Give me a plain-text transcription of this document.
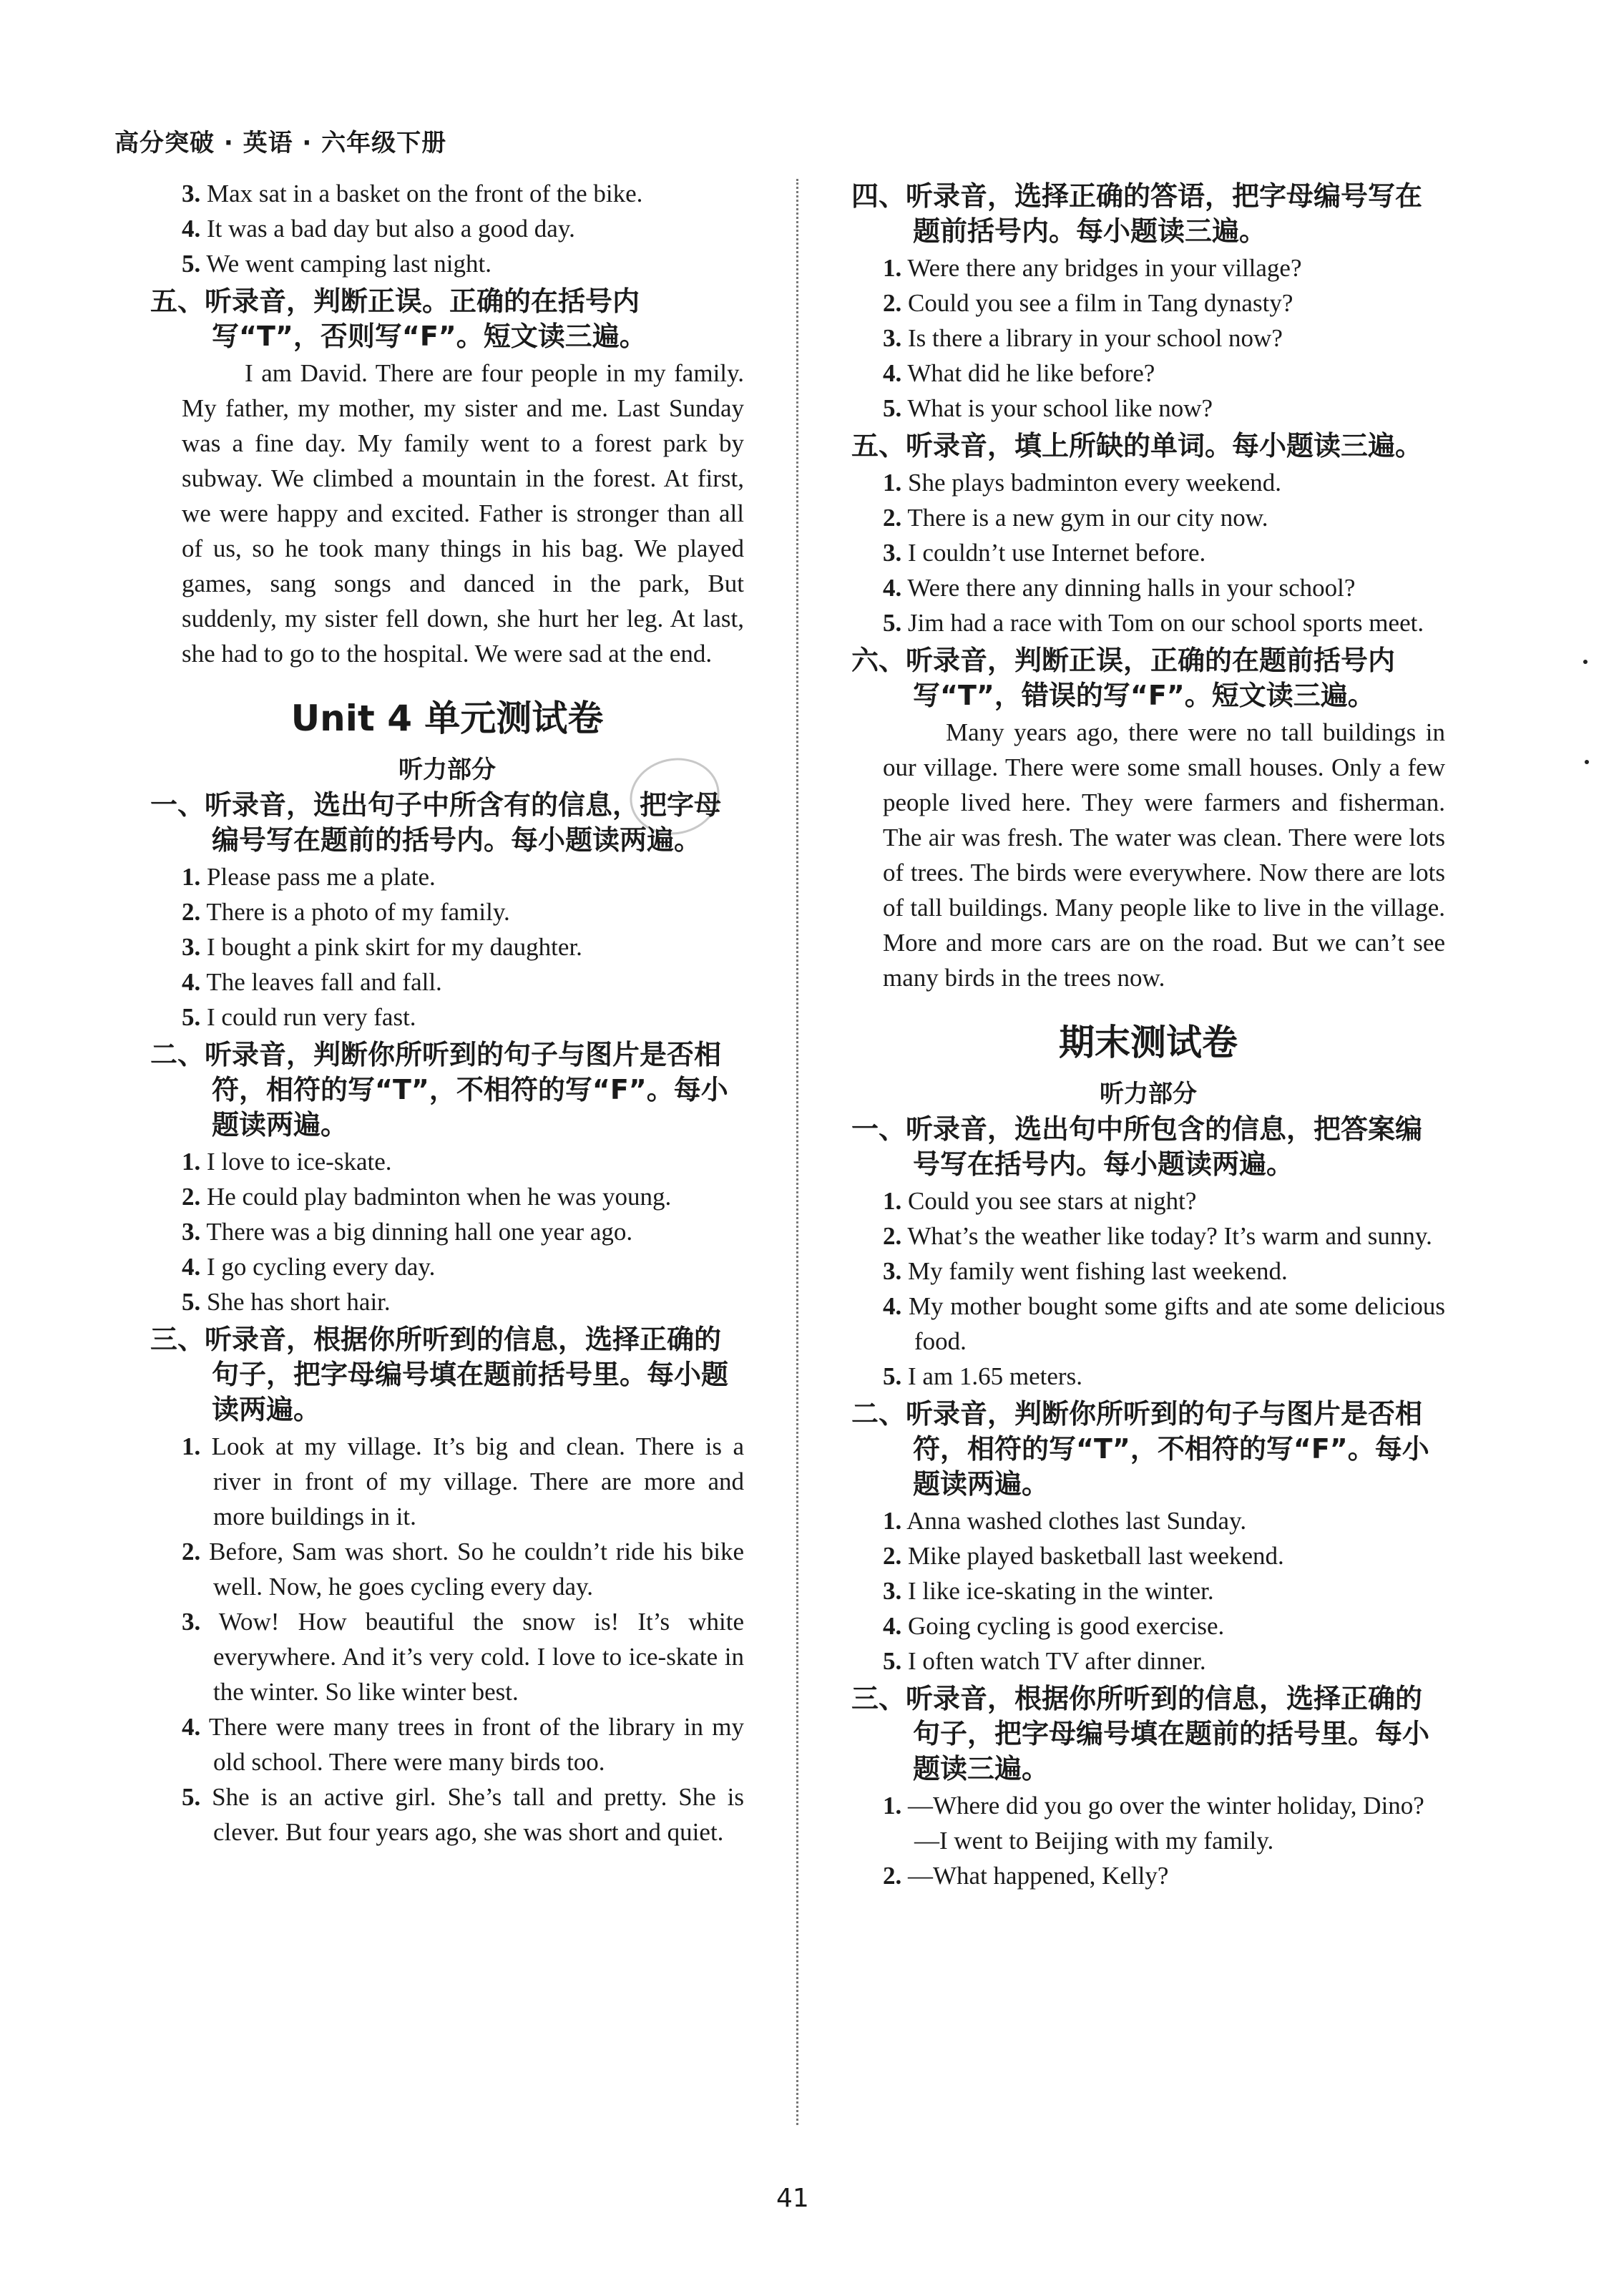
高分突破 · 英语 · 六年级下册
3. Max sat in a basket on the front of the bike.
4. It was a bad day but also a good day.
5. We went camping last night.
五、听录音，判断正误。正确的在括号内写“T”，否则写“F”。短文读三遍。
I am David. There are four people in my family. My father, my mother, my sister and me. Last Sunday was a fine day. My family went to a forest park by subway. We climbed a mountain in the forest. At first, we were happy and excited. Father is stronger than all of us, so he took many things in his bag. We played games, sang songs and danced in the park, But suddenly, my sister fell down, she hurt her leg. At last, she had to go to the hospital. We were sad at the end.
Unit 4 单元测试卷
听力部分
一、听录音，选出句子中所含有的信息，把字母编号写在题前的括号内。每小题读两遍。
1. Please pass me a plate.
2. There is a photo of my family.
3. I bought a pink skirt for my daughter.
4. The leaves fall and fall.
5. I could run very fast.
二、听录音，判断你所听到的句子与图片是否相符，相符的写“T”，不相符的写“F”。每小题读两遍。
1. I love to ice-skate.
2. He could play badminton when he was young.
3. There was a big dinning hall one year ago.
4. I go cycling every day.
5. She has short hair.
三、听录音，根据你所听到的信息，选择正确的句子，把字母编号填在题前括号里。每小题读两遍。
1. Look at my village. It’s big and clean. There is a river in front of my village. There are more and more buildings in it.
2. Before, Sam was short. So he couldn’t ride his bike well. Now, he goes cycling every day.
3. Wow! How beautiful the snow is! It’s white everywhere. And it’s very cold. I love to ice-skate in the winter. So like winter best.
4. There were many trees in front of the library in my old school. There were many birds too.
5. She is an active girl. She’s tall and pretty. She is clever. But four years ago, she was short and quiet.
四、听录音，选择正确的答语，把字母编号写在题前括号内。每小题读三遍。
1. Were there any bridges in your village?
2. Could you see a film in Tang dynasty?
3. Is there a library in your school now?
4. What did he like before?
5. What is your school like now?
五、听录音，填上所缺的单词。每小题读三遍。
1. She plays badminton every weekend.
2. There is a new gym in our city now.
3. I couldn’t use Internet before.
4. Were there any dinning halls in your school?
5. Jim had a race with Tom on our school sports meet.
六、听录音，判断正误，正确的在题前括号内写“T”，错误的写“F”。短文读三遍。
Many years ago, there were no tall buildings in our village. There were some small houses. Only a few people lived here. They were farmers and fisherman. The air was fresh. The water was clean. There were lots of trees. The birds were everywhere. Now there are lots of tall buildings. Many people like to live in the village. More and more cars are on the road. But we can’t see many birds in the trees now.
期末测试卷
听力部分
一、听录音，选出句中所包含的信息，把答案编号写在括号内。每小题读两遍。
1. Could you see stars at night?
2. What’s the weather like today? It’s warm and sunny.
3. My family went fishing last weekend.
4. My mother bought some gifts and ate some delicious food.
5. I am 1.65 meters.
二、听录音，判断你所听到的句子与图片是否相符，相符的写“T”，不相符的写“F”。每小题读两遍。
1. Anna washed clothes last Sunday.
2. Mike played basketball last weekend.
3. I like ice-skating in the winter.
4. Going cycling is good exercise.
5. I often watch TV after dinner.
三、听录音，根据你所听到的信息，选择正确的句子，把字母编号填在题前的括号里。每小题读三遍。
1. —Where did you go over the winter holiday, Dino?
—I went to Beijing with my family.
2. —What happened, Kelly?
41
